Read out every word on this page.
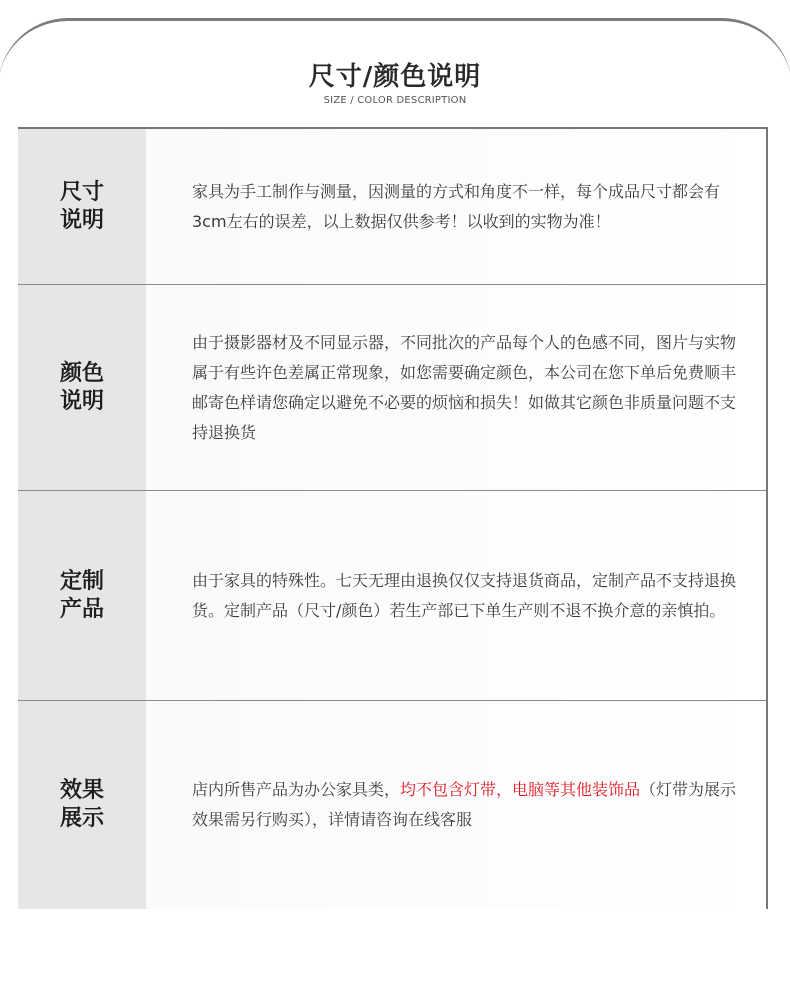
尺寸/颜色说明
SIZE / COLOR DESCRIPTION
尺寸说明

家具为手工制作与测量，因测量的方式和角度不一样，每个成品尺寸都会有3cm左右的误差，以上数据仅供参考！以收到的实物为准！

颜色说明

由于摄影器材及不同显示器，不同批次的产品每个人的色感不同，图片与实物属于有些许色差属正常现象，如您需要确定颜色，本公司在您下单后免费顺丰邮寄色样请您确定以避免不必要的烦恼和损失！如做其它颜色非质量问题不支持退换货

定制产品

由于家具的特殊性。七天无理由退换仅仅支持退货商品，定制产品不支持退换货。定制产品（尺寸/颜色）若生产部已下单生产则不退不换介意的亲慎拍。

效果展示

店内所售产品为办公家具类，均不包含灯带，电脑等其他装饰品（灯带为展示效果需另行购买），详情请咨询在线客服
